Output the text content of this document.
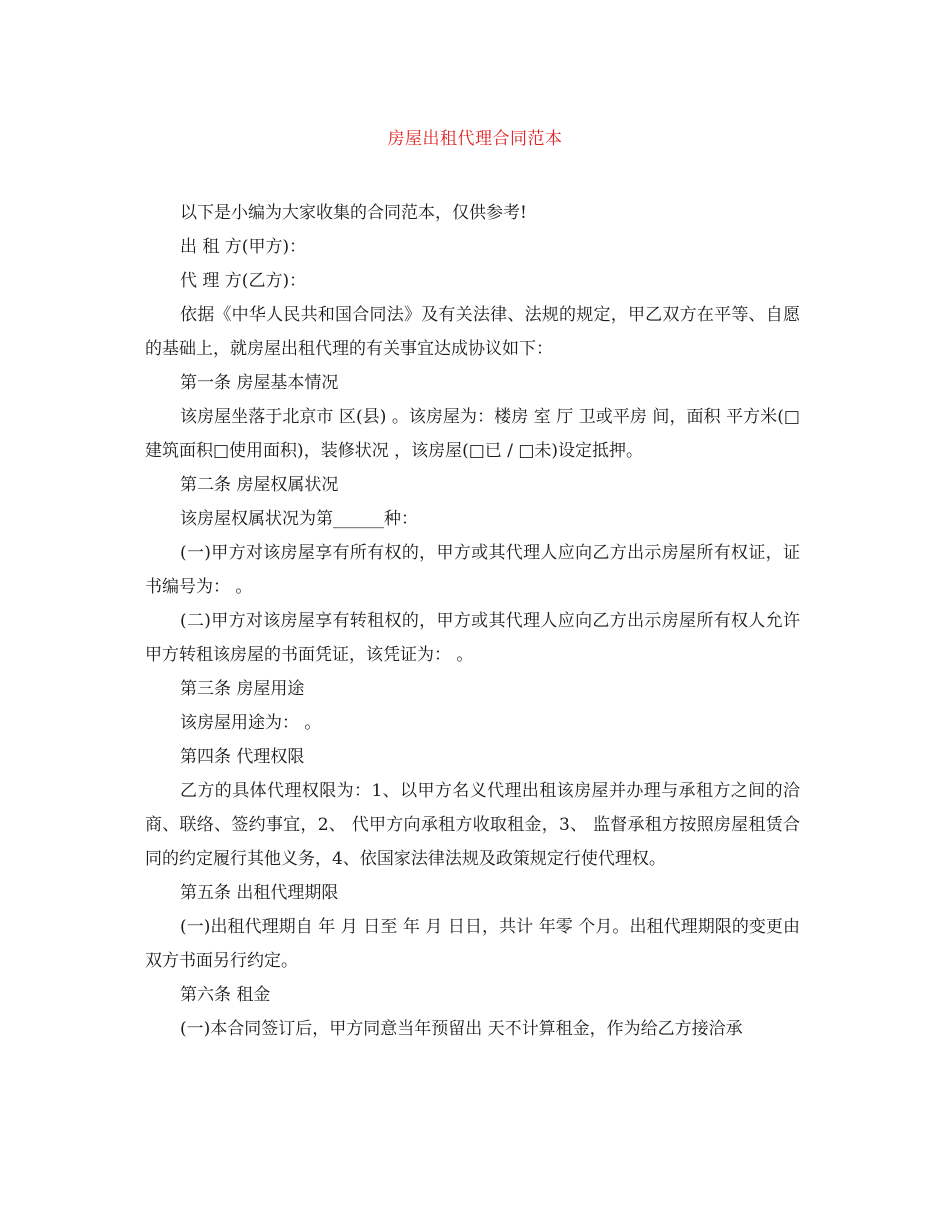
房屋出租代理合同范本

以下是小编为大家收集的合同范本，仅供参考!

出 租 方(甲方)：

代 理 方(乙方)：

依据《中华人民共和国合同法》及有关法律、法规的规定，甲乙双方在平等、自愿的基础上，就房屋出租代理的有关事宜达成协议如下：

第一条 房屋基本情况

该房屋坐落于北京市 区(县) 。该房屋为：楼房 室 厅 卫或平房 间，面积 平方米(□建筑面积□使用面积)，装修状况 ，该房屋(□已 / □未)设定抵押。

第二条 房屋权属状况

该房屋权属状况为第______种：

(一)甲方对该房屋享有所有权的，甲方或其代理人应向乙方出示房屋所有权证，证书编号为： 。

(二)甲方对该房屋享有转租权的，甲方或其代理人应向乙方出示房屋所有权人允许甲方转租该房屋的书面凭证，该凭证为： 。

第三条 房屋用途

该房屋用途为： 。

第四条 代理权限

乙方的具体代理权限为：1、以甲方名义代理出租该房屋并办理与承租方之间的洽商、联络、签约事宜，2、 代甲方向承租方收取租金，3、 监督承租方按照房屋租赁合同的约定履行其他义务，4、依国家法律法规及政策规定行使代理权。

第五条 出租代理期限

(一)出租代理期自 年 月 日至 年 月 日日，共计 年零 个月。出租代理期限的变更由双方书面另行约定。

第六条 租金

(一)本合同签订后，甲方同意当年预留出 天不计算租金，作为给乙方接洽承
